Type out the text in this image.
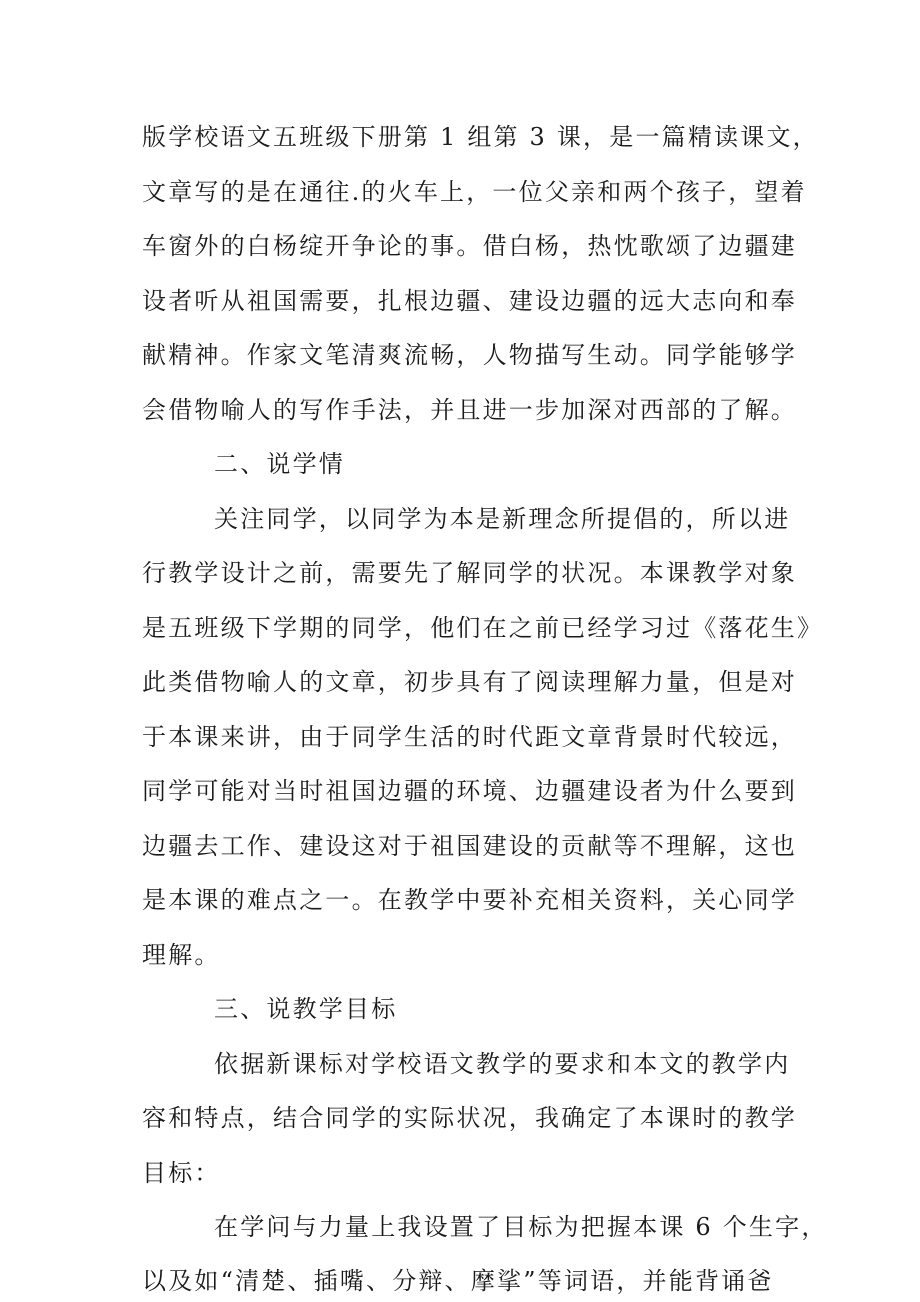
版学校语文五班级下册第 1 组第 3 课，是一篇精读课文，
文章写的是在通往.的火车上，一位父亲和两个孩子，望着
车窗外的白杨绽开争论的事。借白杨，热忱歌颂了边疆建
设者听从祖国需要，扎根边疆、建设边疆的远大志向和奉
献精神。作家文笔清爽流畅，人物描写生动。同学能够学
会借物喻人的写作手法，并且进一步加深对西部的了解。
二、说学情
关注同学，以同学为本是新理念所提倡的，所以进
行教学设计之前，需要先了解同学的状况。本课教学对象
是五班级下学期的同学，他们在之前已经学习过《落花生》
此类借物喻人的文章，初步具有了阅读理解力量，但是对
于本课来讲，由于同学生活的时代距文章背景时代较远，
同学可能对当时祖国边疆的环境、边疆建设者为什么要到
边疆去工作、建设这对于祖国建设的贡献等不理解，这也
是本课的难点之一。在教学中要补充相关资料，关心同学
理解。
三、说教学目标
依据新课标对学校语文教学的要求和本文的教学内
容和特点，结合同学的实际状况，我确定了本课时的教学
目标：
在学问与力量上我设置了目标为把握本课 6 个生字，
以及如“清楚、插嘴、分辩、摩挲”等词语，并能背诵爸
